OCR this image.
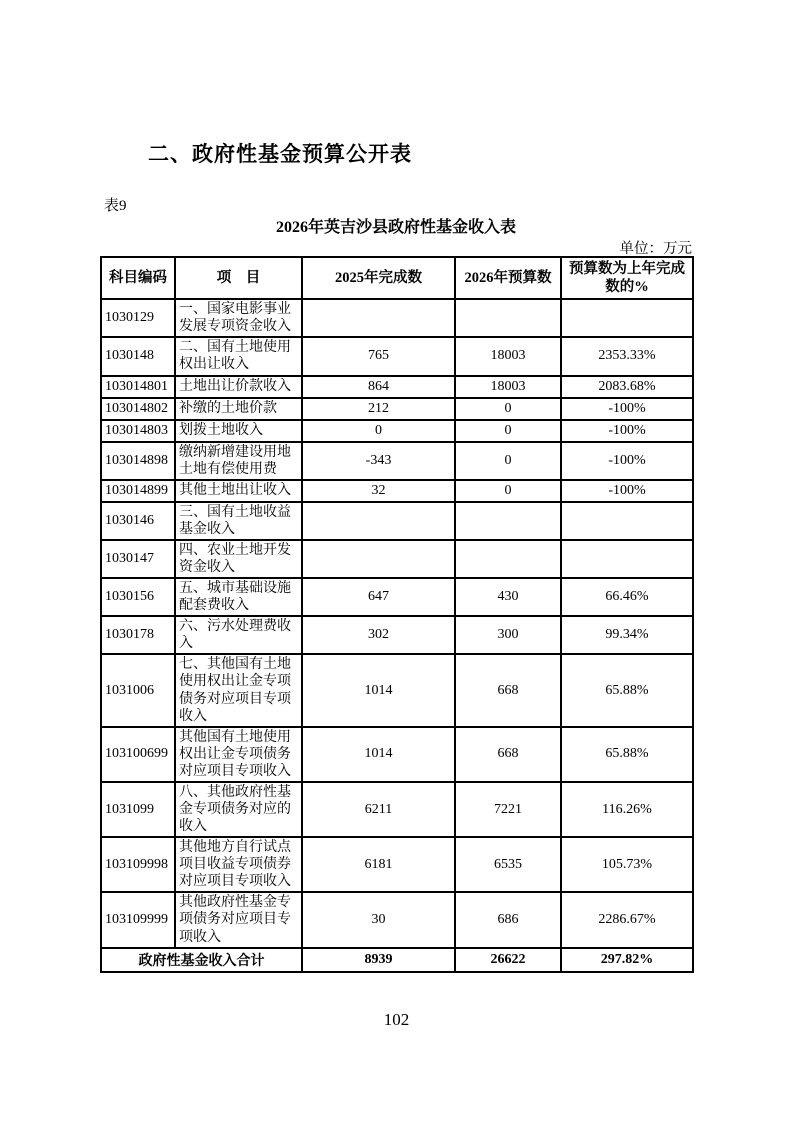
二、政府性基金预算公开表
表9
2026年英吉沙县政府性基金收入表
单位：万元
科目编码	项　目	2025年完成数	2026年预算数	预算数为上年完成数的%
1030129	一、国家电影事业发展专项资金收入			
1030148	二、国有土地使用权出让收入	765	18003	2353.33%
103014801	土地出让价款收入	864	18003	2083.68%
103014802	补缴的土地价款	212	0	-100%
103014803	划拨土地收入	0	0	-100%
103014898	缴纳新增建设用地土地有偿使用费	-343	0	-100%
103014899	其他土地出让收入	32	0	-100%
1030146	三、国有土地收益基金收入			
1030147	四、农业土地开发资金收入			
1030156	五、城市基础设施配套费收入	647	430	66.46%
1030178	六、污水处理费收入	302	300	99.34%
1031006	七、其他国有土地使用权出让金专项债务对应项目专项收入	1014	668	65.88%
103100699	其他国有土地使用权出让金专项债务对应项目专项收入	1014	668	65.88%
1031099	八、其他政府性基金专项债务对应的收入	6211	7221	116.26%
103109998	其他地方自行试点项目收益专项债券对应项目专项收入	6181	6535	105.73%
103109999	其他政府性基金专项债务对应项目专项收入	30	686	2286.67%
政府性基金收入合计		8939	26622	297.82%
102
